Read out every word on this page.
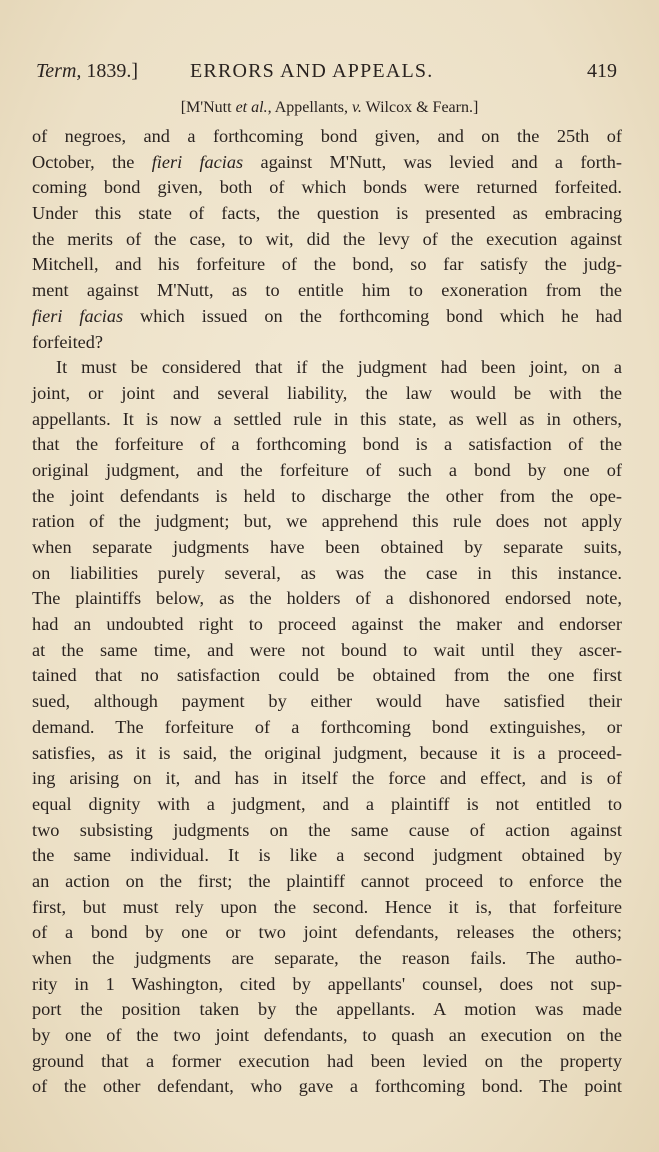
Term, 1839.]	ERRORS AND APPEALS.	419
[M'Nutt et al., Appellants, v. Wilcox & Fearn.]
of negroes, and a forthcoming bond given, and on the 25th of
October, the fieri facias against M'Nutt, was levied and a forth-
coming bond given, both of which bonds were returned forfeited.
Under this state of facts, the question is presented as embracing
the merits of the case, to wit, did the levy of the execution against
Mitchell, and his forfeiture of the bond, so far satisfy the judg-
ment against M'Nutt, as to entitle him to exoneration from the
fieri facias which issued on the forthcoming bond which he had
forfeited?
It must be considered that if the judgment had been joint, on a
joint, or joint and several liability, the law would be with the
appellants. It is now a settled rule in this state, as well as in others,
that the forfeiture of a forthcoming bond is a satisfaction of the
original judgment, and the forfeiture of such a bond by one of
the joint defendants is held to discharge the other from the ope-
ration of the judgment; but, we apprehend this rule does not apply
when separate judgments have been obtained by separate suits,
on liabilities purely several, as was the case in this instance.
The plaintiffs below, as the holders of a dishonored endorsed note,
had an undoubted right to proceed against the maker and endorser
at the same time, and were not bound to wait until they ascer-
tained that no satisfaction could be obtained from the one first
sued, although payment by either would have satisfied their
demand. The forfeiture of a forthcoming bond extinguishes, or
satisfies, as it is said, the original judgment, because it is a proceed-
ing arising on it, and has in itself the force and effect, and is of
equal dignity with a judgment, and a plaintiff is not entitled to
two subsisting judgments on the same cause of action against
the same individual. It is like a second judgment obtained by
an action on the first; the plaintiff cannot proceed to enforce the
first, but must rely upon the second. Hence it is, that forfeiture
of a bond by one or two joint defendants, releases the others;
when the judgments are separate, the reason fails. The autho-
rity in 1 Washington, cited by appellants' counsel, does not sup-
port the position taken by the appellants. A motion was made
by one of the two joint defendants, to quash an execution on the
ground that a former execution had been levied on the property
of the other defendant, who gave a forthcoming bond. The point
